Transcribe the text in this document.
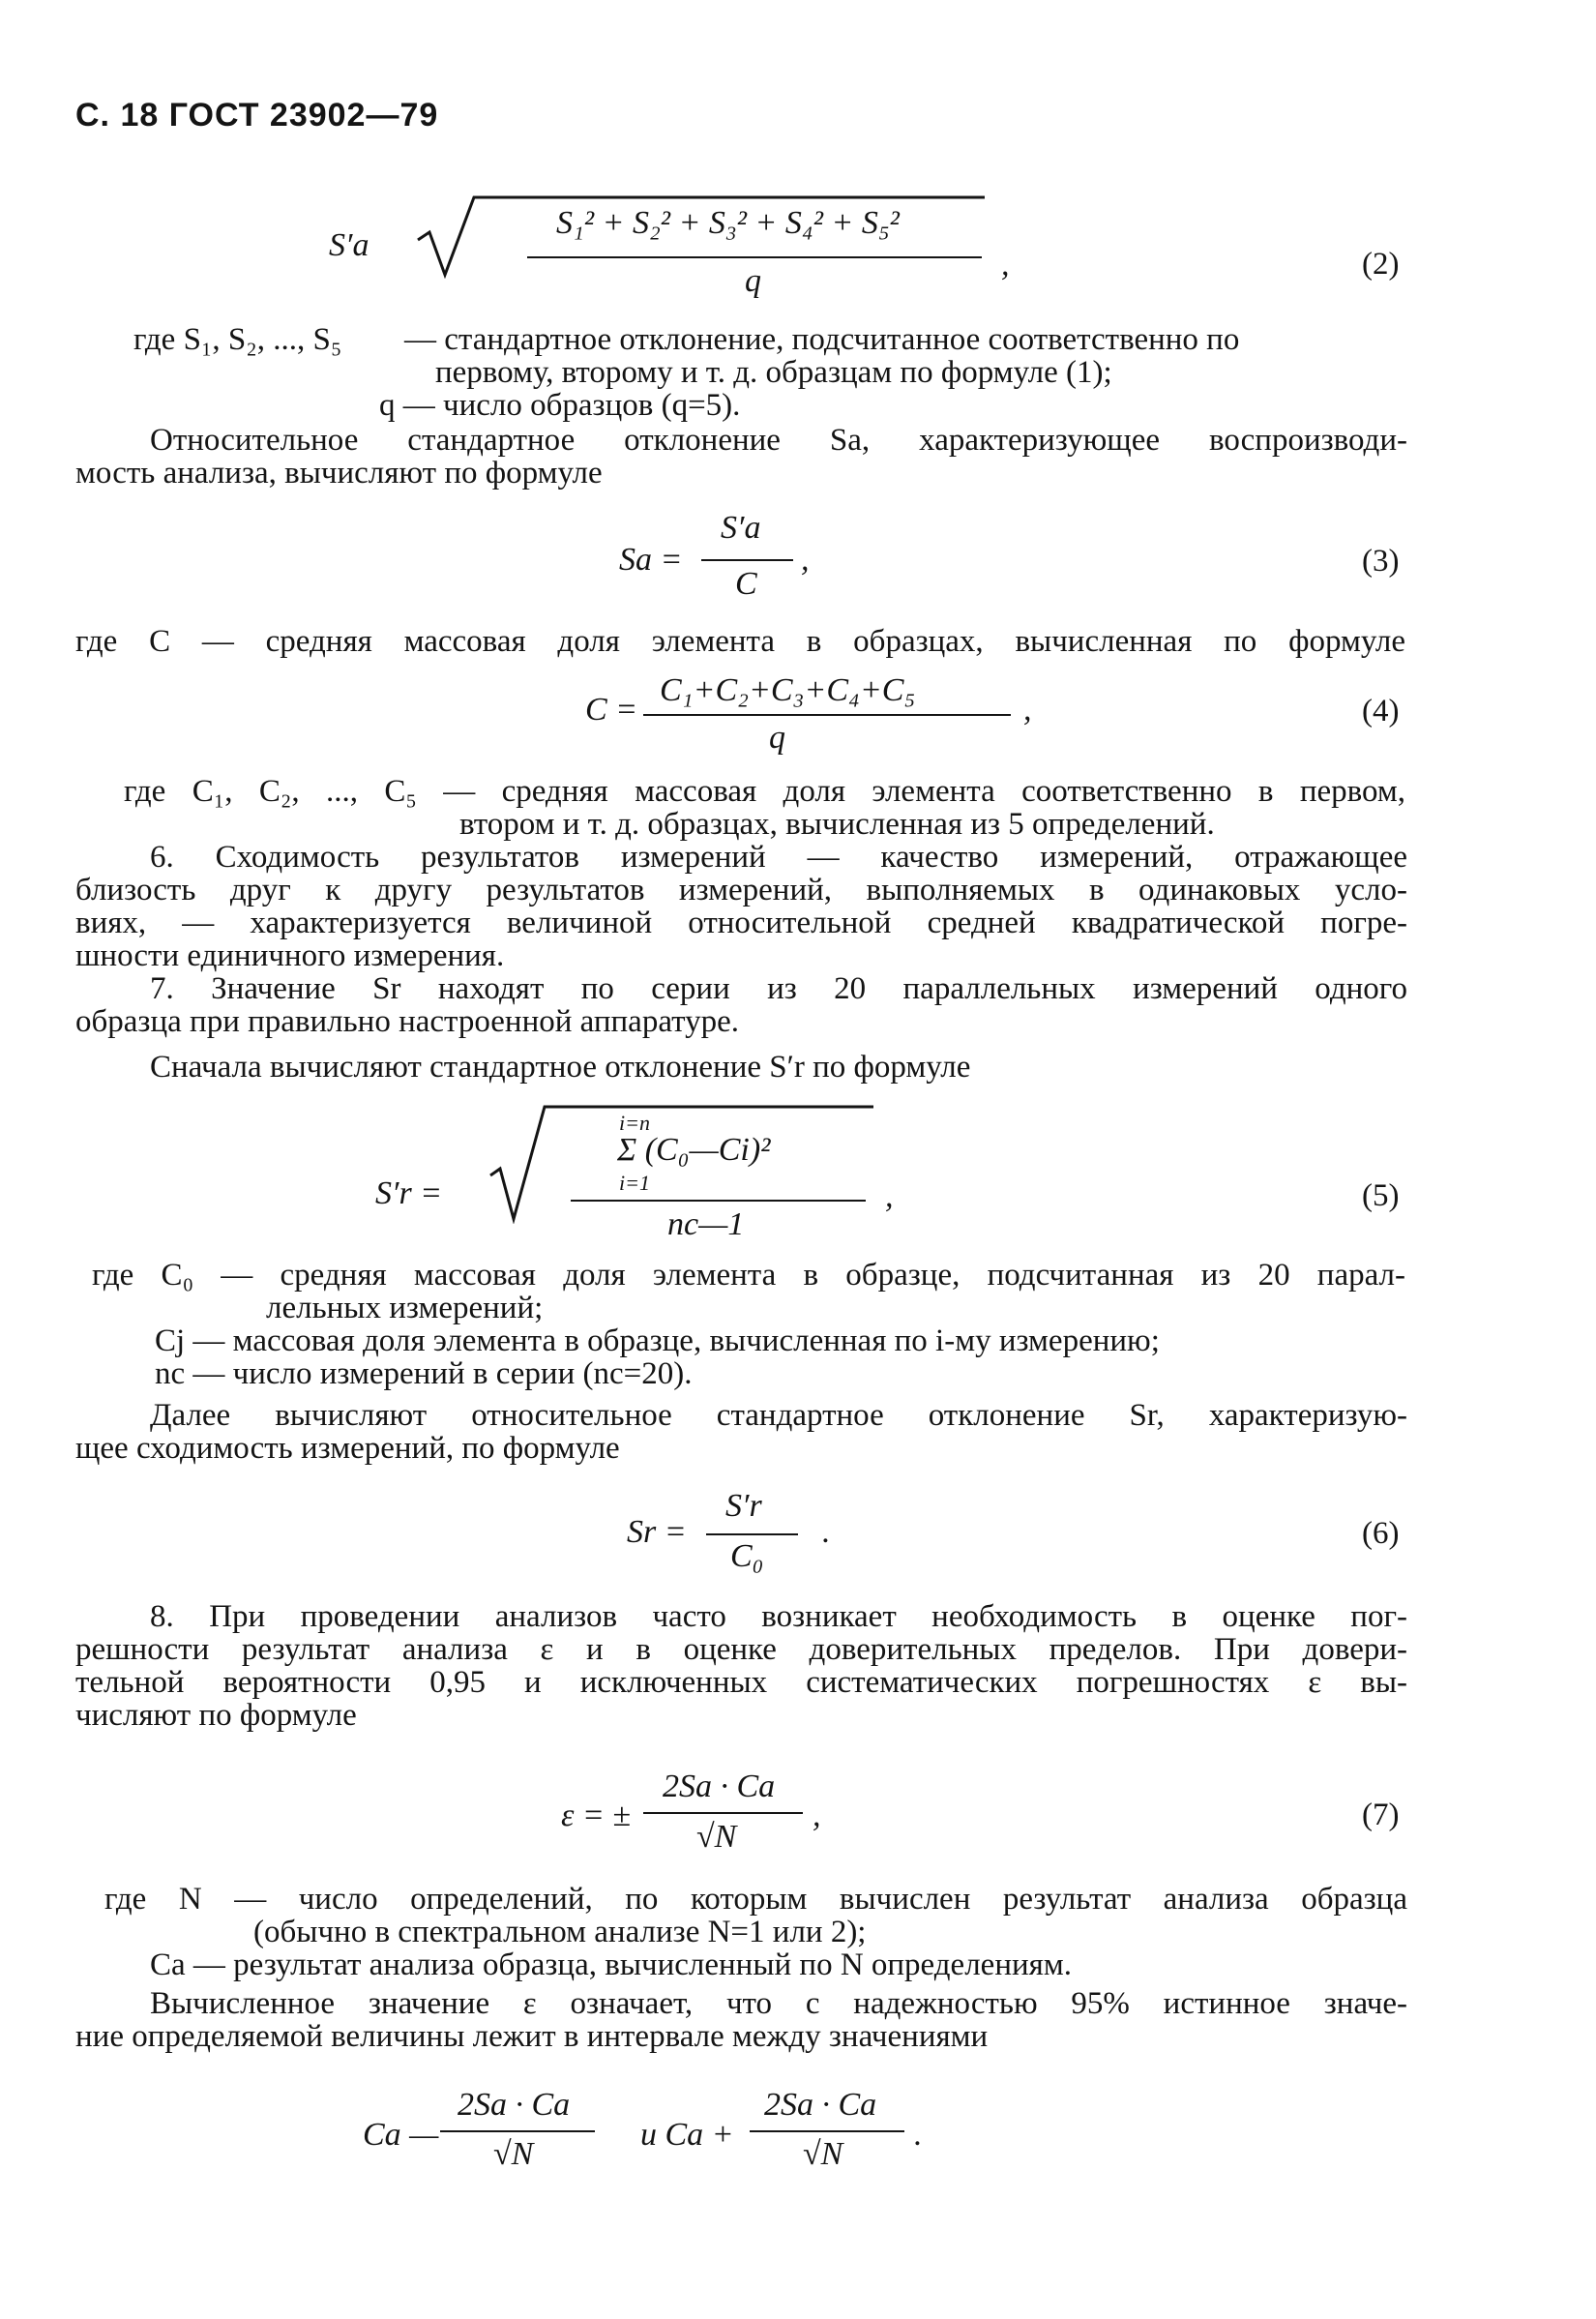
С. 18 ГОСТ 23902—79
S′a
S₁² + S₂² + S₃² + S₄² + S₅²
q	,	(2)
где S₁, S₂, ..., S₅ — стандартное отклонение, подсчитанное соответственно по
первому, второму и т. д. образцам по формуле (1);
q — число образцов (q=5).
Относительное стандартное отклонение Sa, характеризующее воспроизводи-
мость анализа, вычисляют по формуле
Sa =
S′a
C
,	(3)
где C — средняя массовая доля элемента в образцах, вычисленная по формуле
C =
C₁+C₂+C₃+C₄+C₅
q
,	(4)
где C₁, C₂, ..., C₅ — средняя массовая доля элемента соответственно в первом,
втором и т. д. образцах, вычисленная из 5 определений.
6. Сходимость результатов измерений — качество измерений, отражающее
близость друг к другу результатов измерений, выполняемых в одинаковых усло-
виях, — характеризуется величиной относительной средней квадратической погре-
шности единичного измерения.
7. Значение Sr находят по серии из 20 параллельных измерений одного
образца при правильно настроенной аппаратуре.
Сначала вычисляют стандартное отклонение S′r по формуле
S′r =
i=n
Σ (C₀—Ci)²
i=1
nc—1
,	(5)
где C₀ — средняя массовая доля элемента в образце, подсчитанная из 20 парал-
лельных измерений;
Cj — массовая доля элемента в образце, вычисленная по i-му измерению;
nc — число измерений в серии (nc=20).
Далее вычисляют относительное стандартное отклонение Sr, характеризую-
щее сходимость измерений, по формуле
Sr =
S′r
C₀
.	(6)
8. При проведении анализов часто возникает необходимость в оценке пог-
решности результат анализа ε и в оценке доверительных пределов. При довери-
тельной вероятности 0,95 и исключенных систематических погрешностях ε вы-
числяют по формуле
ε = ±
2Sa · Ca
√N
,	(7)
где N — число определений, по которым вычислен результат анализа образца
(обычно в спектральном анализе N=1 или 2);
Ca — результат анализа образца, вычисленный по N определениям.
Вычисленное значение ε означает, что с надежностью 95% истинное значе-
ние определяемой величины лежит в интервале между значениями
Ca —
2Sa · Ca
√N
и Ca +
2Sa · Ca
√N
.
